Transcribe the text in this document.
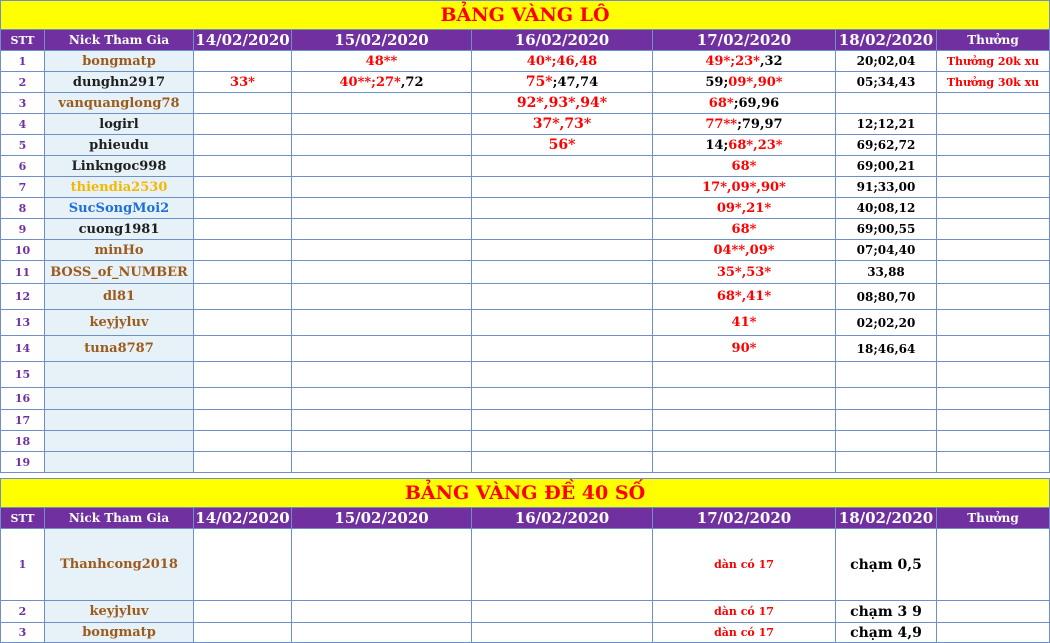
BẢNG VÀNG LÔ							
STT	Nick Tham Gia	14/02/2020	15/02/2020	16/02/2020	17/02/2020	18/02/2020	Thưởng
1	bongmatp		48**	40*;46,48	49*;23*,32	20;02,04	Thưởng 20k xu
2	dunghn2917	33*	40**;27*,72	75*;47,74	59;09*,90*	05;34,43	Thưởng 30k xu
3	vanquanglong78			92*,93*,94*	68*;69,96		
4	logirl			37*,73*	77**;79,97	12;12,21	
5	phieudu			56*	14;68*,23*	69;62,72	
6	Linkngoc998				68*	69;00,21	
7	thiendia2530				17*,09*,90*	91;33,00	
8	SucSongMoi2				09*,21*	40;08,12	
9	cuong1981				68*	69;00,55	
10	minHo				04**,09*	07;04,40	
11	BOSS_of_NUMBER				35*,53*	33,88	
12	dl81				68*,41*	08;80,70	
13	keyjyluv				41*	02;02,20	
14	tuna8787				90*	18;46,64	
15							
16							
17							
18							
19							
BẢNG VÀNG ĐỀ 40 SỐ							
STT	Nick Tham Gia	14/02/2020	15/02/2020	16/02/2020	17/02/2020	18/02/2020	Thưởng
1	Thanhcong2018				dàn có 17	chạm 0,5	
2	keyjyluv				dàn có 17	chạm 3 9	
3	bongmatp				dàn có 17	chạm 4,9	
